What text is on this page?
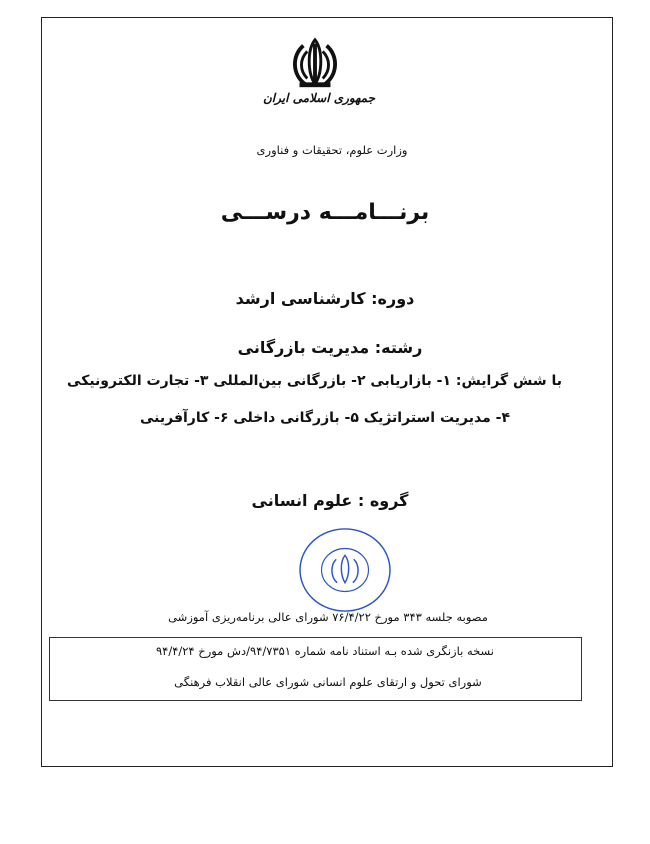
جمهوری اسلامی ایران
وزارت علوم، تحقیقات و فناوری
برنـــامـــه درســـی
دوره: کارشناسی ارشد
رشته: مدیریت بازرگانی
با شش گرایش: ۱- بازاریابی ۲- بازرگانی بین‌المللی ۳- تجارت الکترونیکی
۴- مدیریت استراتژیک ۵- بازرگانی داخلی ۶- کارآفرینی
گروه : علوم انسانی
مصوبه جلسه ۳۴۳ مورخ ۷۶/۴/۲۲ شورای عالی برنامه‌ریزی آموزشی
نسخه بازنگری شده بـه استناد نامه شماره ۹۴/۷۳۵۱/دش مورخ ۹۴/۴/۲۴
شورای تحول و ارتقای علوم انسانی شورای عالی انقلاب فرهنگی
